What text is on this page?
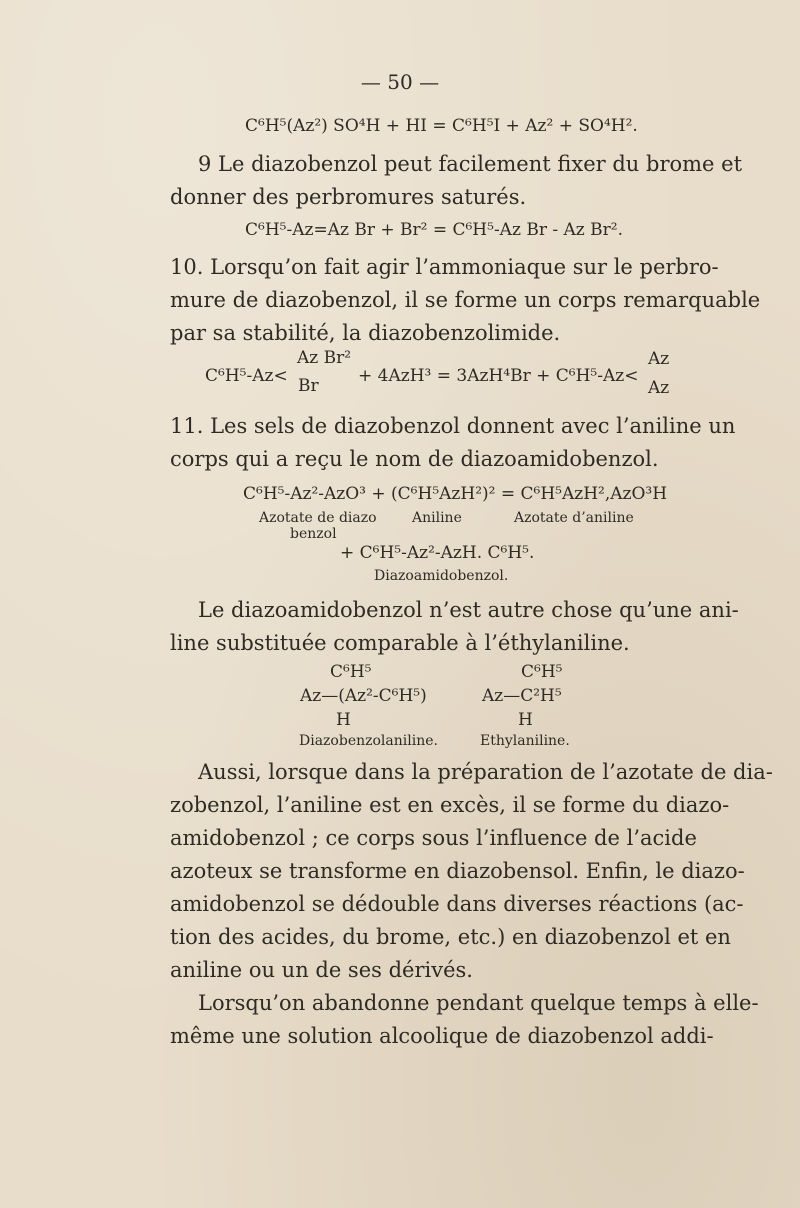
— 50 —
C⁶H⁵(Az²) SO⁴H + HI = C⁶H⁵I + Az² + SO⁴H².
9 Le diazobenzol peut facilement fixer du brome et
donner des perbromures saturés.
C⁶H⁵-Az=Az Br + Br² = C⁶H⁵-Az Br - Az Br².
10. Lorsqu’on fait agir l’ammoniaque sur le perbro-
mure de diazobenzol, il se forme un corps remarquable
par sa stabilité, la diazobenzolimide.
C⁶H⁵-Az<
Az Br²
Br + 4AzH³ = 3AzH⁴Br + C⁶H⁵-Az<
Az
Az
11. Les sels de diazobenzol donnent avec l’aniline un
corps qui a reçu le nom de diazoamidobenzol.
C⁶H⁵-Az²-AzO³ + (C⁶H⁵AzH²)² = C⁶H⁵AzH²,AzO³H
Azotate de diazo
benzol
Aniline	Azotate d’aniline
+ C⁶H⁵-Az²-AzH. C⁶H⁵.
Diazoamidobenzol.
Le diazoamidobenzol n’est autre chose qu’une ani-
line substituée comparable à l’éthylaniline.
C⁶H⁵
Az—(Az²-C⁶H⁵)
H
Diazobenzolaniline.
C⁶H⁵
Az—C²H⁵
H
Ethylaniline.
Aussi, lorsque dans la préparation de l’azotate de dia-
zobenzol, l’aniline est en excès, il se forme du diazo-
amidobenzol ; ce corps sous l’influence de l’acide
azoteux se transforme en diazobensol. Enfin, le diazo-
amidobenzol se dédouble dans diverses réactions (ac-
tion des acides, du brome, etc.) en diazobenzol et en
aniline ou un de ses dérivés.
Lorsqu’on abandonne pendant quelque temps à elle-
même une solution alcoolique de diazobenzol addi-
